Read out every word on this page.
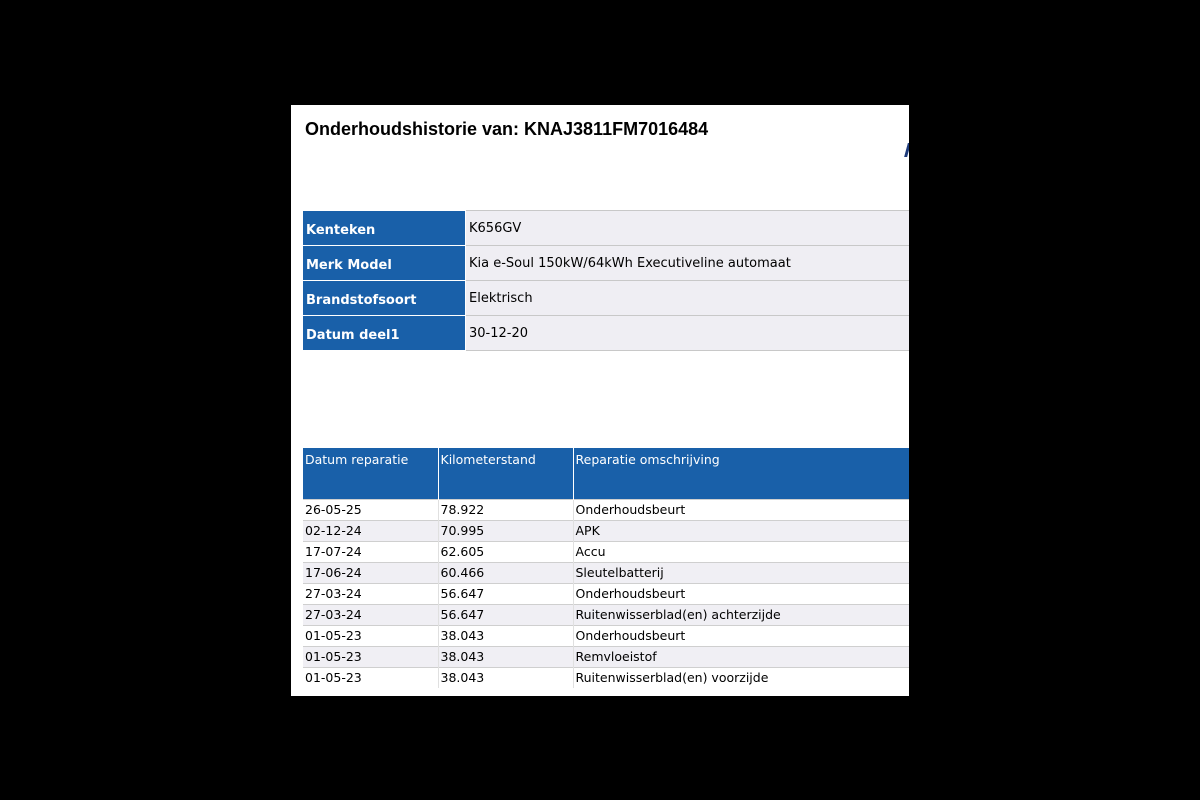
Onderhoudshistorie van: KNAJ3811FM7016484
Kenteken	K656GV
Merk Model	Kia e-Soul 150kW/64kWh Executiveline automaat
Brandstofsoort	Elektrisch
Datum deel1	30-12-20
Datum reparatie	Kilometerstand	Reparatie omschrijving
26-05-25	78.922	Onderhoudsbeurt
02-12-24	70.995	APK
17-07-24	62.605	Accu
17-06-24	60.466	Sleutelbatterij
27-03-24	56.647	Onderhoudsbeurt
27-03-24	56.647	Ruitenwisserblad(en) achterzijde
01-05-23	38.043	Onderhoudsbeurt
01-05-23	38.043	Remvloeistof
01-05-23	38.043	Ruitenwisserblad(en) voorzijde
